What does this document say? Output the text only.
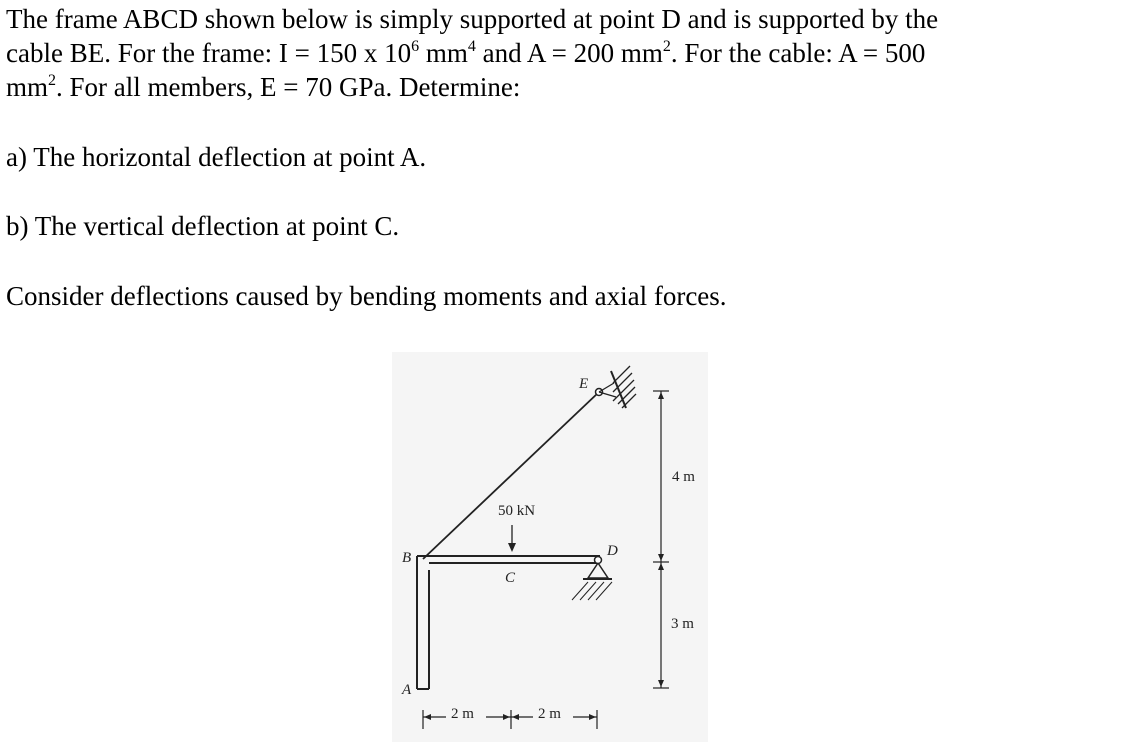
The frame ABCD shown below is simply supported at point D and is supported by the
cable BE. For the frame: I = 150 x $10^6$ $mm^4$ and A = 200 $mm^2$. For the cable: A = 500
$mm^2$. For all members, E = 70 GPa. Determine:

a) The horizontal deflection at point A.

b) The vertical deflection at point C.

Consider deflections caused by bending moments and axial forces.

50 kN
A
B
C
D
E
4 m
3 m
2 m	2 m
